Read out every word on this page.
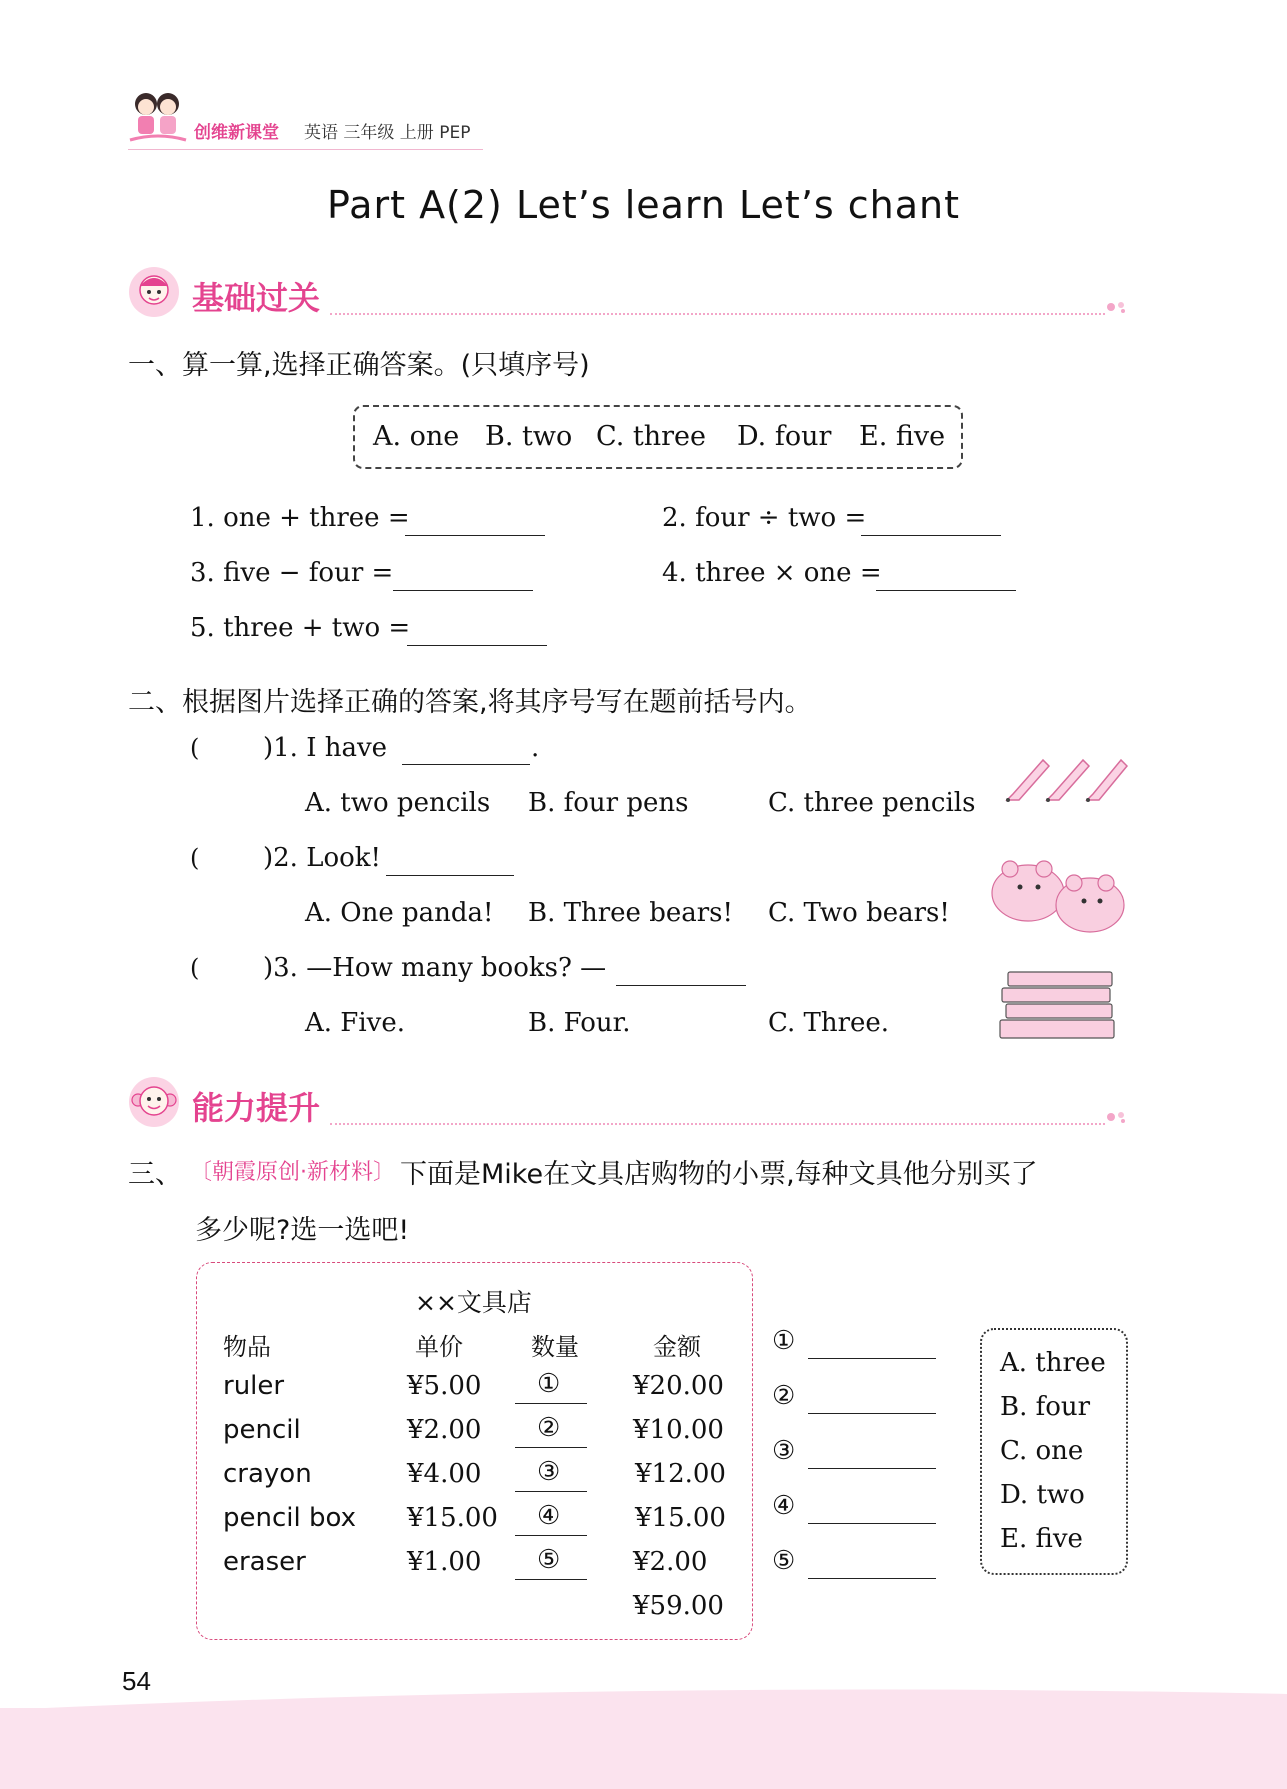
创维新课堂 英语 三年级 上册 PEP
Part A(2) Let’s learn Let’s chant
基础过关
一、算一算,选择正确答案。(只填序号)
A. one B. two C. three D. four E. five
1. one + three =	2. four ÷ two =
3. five − four =	4. three × one =
5. three + two =
二、根据图片选择正确的答案,将其序号写在题前括号内。
( )1. I have	.
A. two pencils B. four pens	C. three pencils
( )2. Look!
A. One panda! B. Three bears! C. Two bears!
( )3. —How many books? —
A. Five.	B. Four.	C. Three.
能力提升
三、 〔朝霞原创·新材料〕 下面是Mike在文具店购物的小票,每种文具他分别买了
多少呢?选一选吧!
××文具店
物品	单价	数量	金额
ruler	¥5.00 ①	¥20.00
pencil	¥2.00 ②	¥10.00
crayon	¥4.00 ③	¥12.00
pencil box ¥15.00 ④	¥15.00
eraser	¥1.00 ⑤	¥2.00
¥59.00
①
②
③
④
⑤
A. three
B. four
C. one
D. two
E. five
54
